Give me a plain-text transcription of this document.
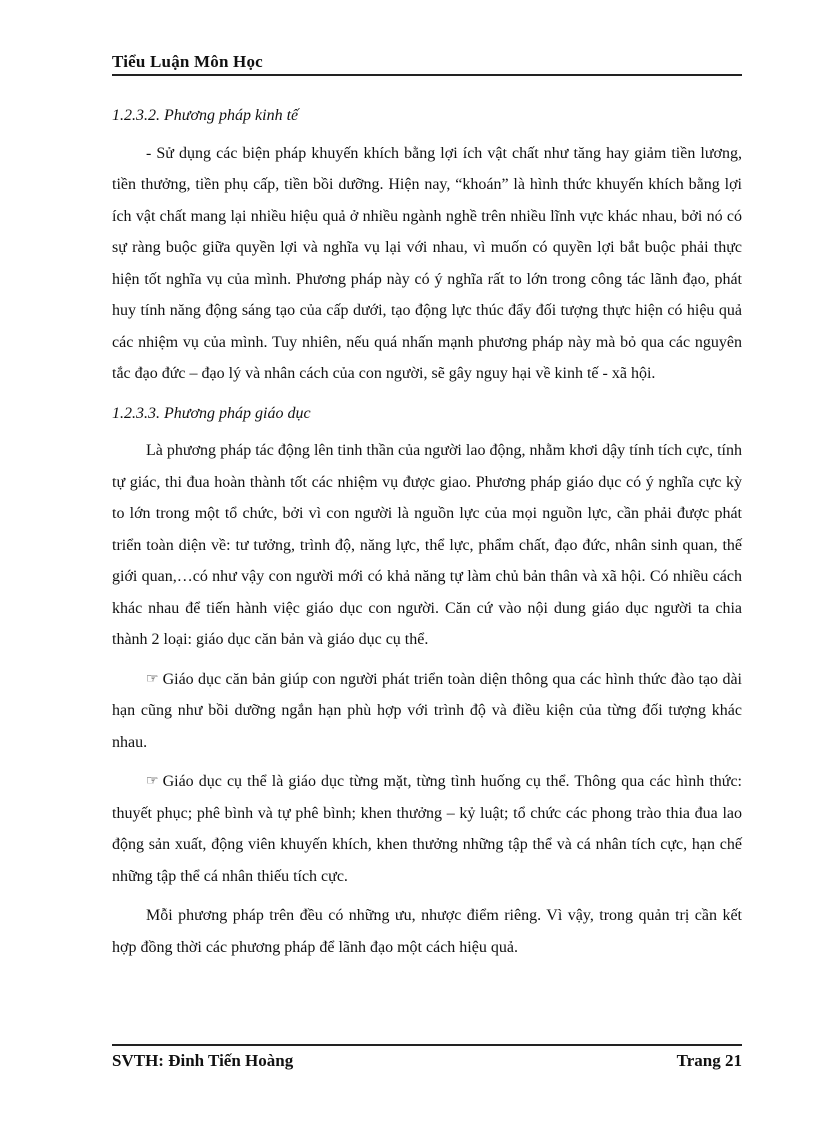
Tiểu Luận Môn Học
1.2.3.2. Phương pháp kinh tế

- Sử dụng các biện pháp khuyến khích bằng lợi ích vật chất như tăng hay giảm tiền lương, tiền thưởng, tiền phụ cấp, tiền bồi dưỡng. Hiện nay, “khoán” là hình thức khuyến khích bằng lợi ích vật chất mang lại nhiều hiệu quả ở nhiều ngành nghề trên nhiều lĩnh vực khác nhau, bởi nó có sự ràng buộc giữa quyền lợi và nghĩa vụ lại với nhau, vì muốn có quyền lợi bắt buộc phải thực hiện tốt nghĩa vụ của mình. Phương pháp này có ý nghĩa rất to lớn trong công tác lãnh đạo, phát huy tính năng động sáng tạo của cấp dưới, tạo động lực thúc đẩy đối tượng thực hiện có hiệu quả các nhiệm vụ của mình. Tuy nhiên, nếu quá nhấn mạnh phương pháp này mà bỏ qua các nguyên tắc đạo đức – đạo lý và nhân cách của con người, sẽ gây nguy hại về kinh tế - xã hội.

1.2.3.3. Phương pháp giáo dục

Là phương pháp tác động lên tinh thần của người lao động, nhằm khơi dậy tính tích cực, tính tự giác, thi đua hoàn thành tốt các nhiệm vụ được giao. Phương pháp giáo dục có ý nghĩa cực kỳ to lớn trong một tổ chức, bởi vì con người là nguồn lực của mọi nguồn lực, cần phải được phát triển toàn diện về: tư tưởng, trình độ, năng lực, thể lực, phẩm chất, đạo đức, nhân sinh quan, thế giới quan,…có như vậy con người mới có khả năng tự làm chủ bản thân và xã hội. Có nhiều cách khác nhau để tiến hành việc giáo dục con người. Căn cứ vào nội dung giáo dục người ta chia thành 2 loại: giáo dục căn bản và giáo dục cụ thể.

☞ Giáo dục căn bản giúp con người phát triển toàn diện thông qua các hình thức đào tạo dài hạn cũng như bồi dưỡng ngắn hạn phù hợp với trình độ và điều kiện của từng đối tượng khác nhau.

☞ Giáo dục cụ thể là giáo dục từng mặt, từng tình huống cụ thể. Thông qua các hình thức: thuyết phục; phê bình và tự phê bình; khen thưởng – kỷ luật; tổ chức các phong trào thia đua lao động sản xuất, động viên khuyến khích, khen thưởng những tập thể và cá nhân tích cực, hạn chế những tập thể cá nhân thiếu tích cực.

Mỗi phương pháp trên đều có những ưu, nhược điểm riêng. Vì vậy, trong quản trị cần kết hợp đồng thời các phương pháp để lãnh đạo một cách hiệu quả.

SVTH: Đinh Tiến Hoàng	Trang 21
